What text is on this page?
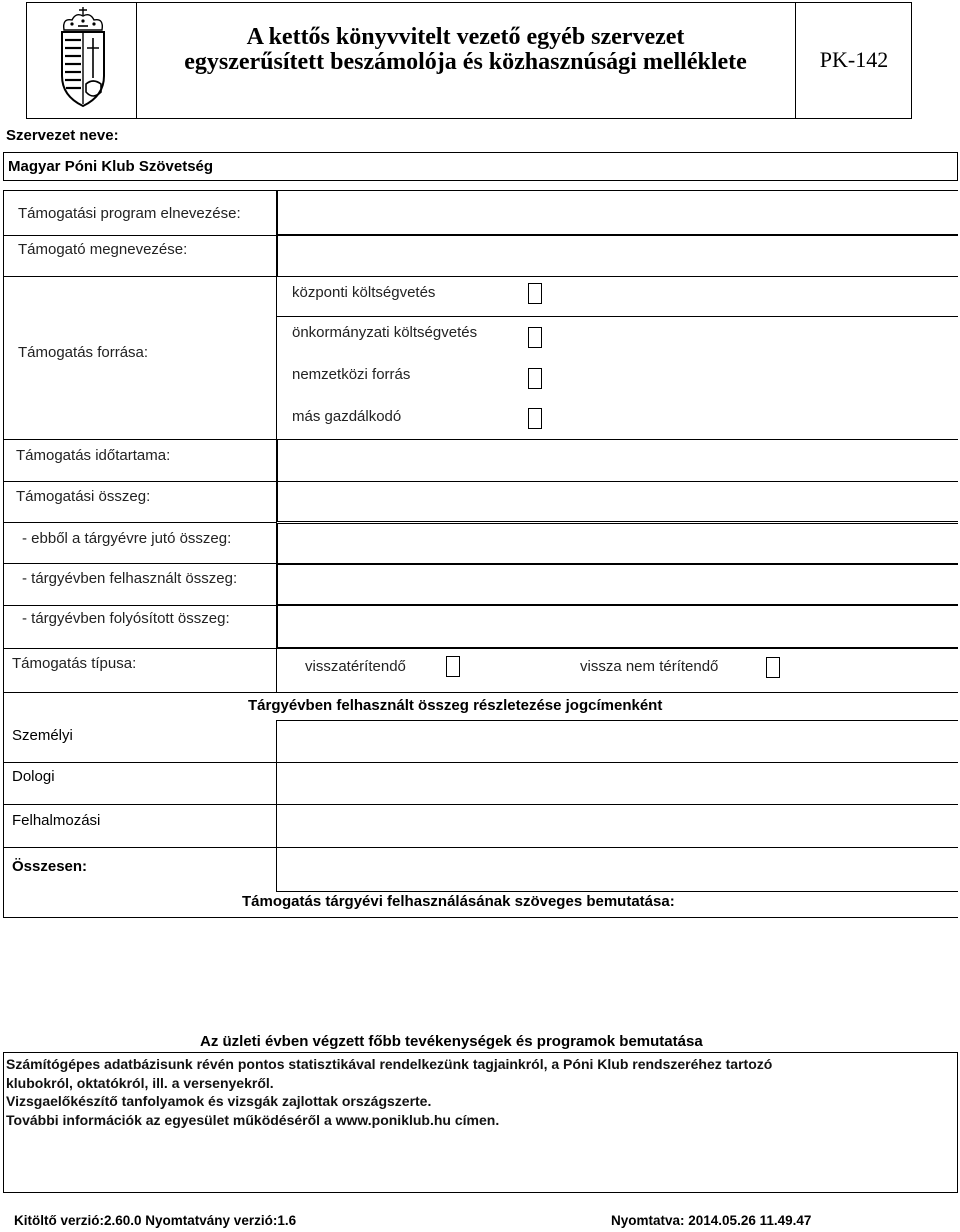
A kettős könyvvitelt vezető egyéb szervezet
egyszerűsített beszámolója és közhasznúsági melléklete	PK-142
Szervezet neve:
Magyar Póni Klub Szövetség
Támogatási program elnevezése:
Támogató megnevezése:
Támogatás forrása:
központi költségvetés
önkormányzati költségvetés
nemzetközi forrás
más gazdálkodó
Támogatás időtartama:
Támogatási összeg:
- ebből a tárgyévre jutó összeg:
- tárgyévben felhasznált összeg:
- tárgyévben folyósított összeg:
Támogatás típusa:	visszatérítendő	vissza nem térítendő
Tárgyévben felhasznált összeg részletezése jogcímenként
Személyi
Dologi
Felhalmozási
Összesen:
Támogatás tárgyévi felhasználásának szöveges bemutatása:
Az üzleti évben végzett főbb tevékenységek és programok bemutatása
Számítógépes adatbázisunk révén pontos statisztikával rendelkezünk tagjainkról, a Póni Klub rendszeréhez tartozó
klubokról, oktatókról, ill. a versenyekről.
Vizsgaelőkészítő tanfolyamok és vizsgák zajlottak országszerte.
További információk az egyesület működéséről a www.poniklub.hu címen.
Kitöltő verzió:2.60.0 Nyomtatvány verzió:1.6	Nyomtatva: 2014.05.26 11.49.47
